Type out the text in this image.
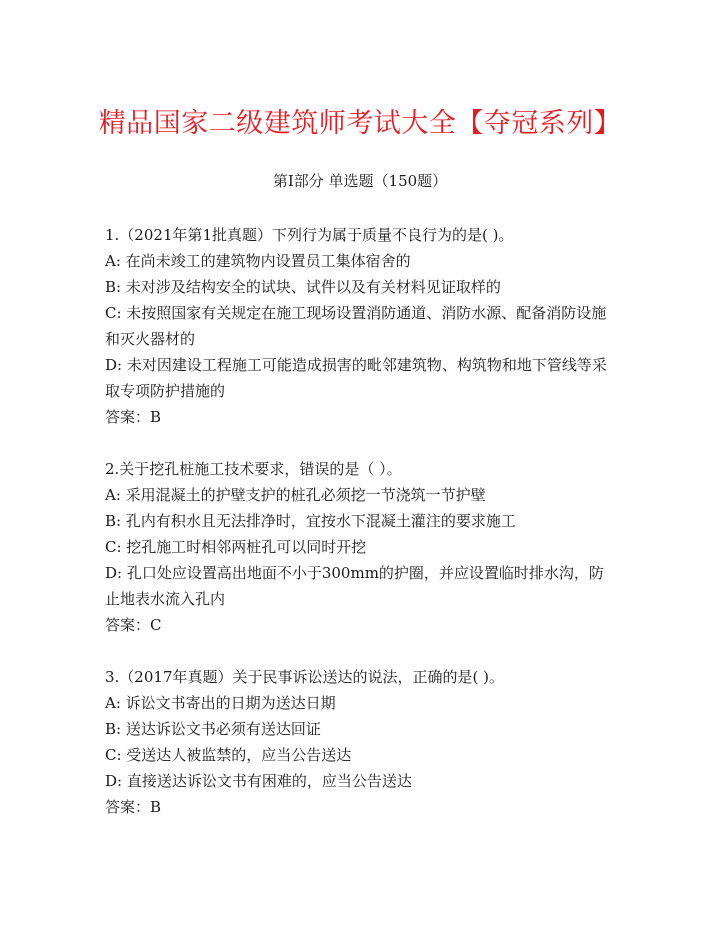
精品国家二级建筑师考试大全【夺冠系列】
第I部分 单选题（150题）

1.（2021年第1批真题）下列行为属于质量不良行为的是( )。

A: 在尚未竣工的建筑物内设置员工集体宿舍的

B: 未对涉及结构安全的试块、试件以及有关材料见证取样的

C: 未按照国家有关规定在施工现场设置消防通道、消防水源、配备消防设施和灭火器材的

D: 未对因建设工程施工可能造成损害的毗邻建筑物、构筑物和地下管线等采取专项防护措施的

答案：B

2.关于挖孔桩施工技术要求，错误的是（ ）。

A: 采用混凝土的护壁支护的桩孔必须挖一节浇筑一节护壁

B: 孔内有积水且无法排净时，宜按水下混凝土灌注的要求施工

C: 挖孔施工时相邻两桩孔可以同时开挖

D: 孔口处应设置高出地面不小于300mm的护圈，并应设置临时排水沟，防止地表水流入孔内

答案：C

3.（2017年真题）关于民事诉讼送达的说法，正确的是( )。

A: 诉讼文书寄出的日期为送达日期

B: 送达诉讼文书必须有送达回证

C: 受送达人被监禁的，应当公告送达

D: 直接送达诉讼文书有困难的，应当公告送达

答案：B
